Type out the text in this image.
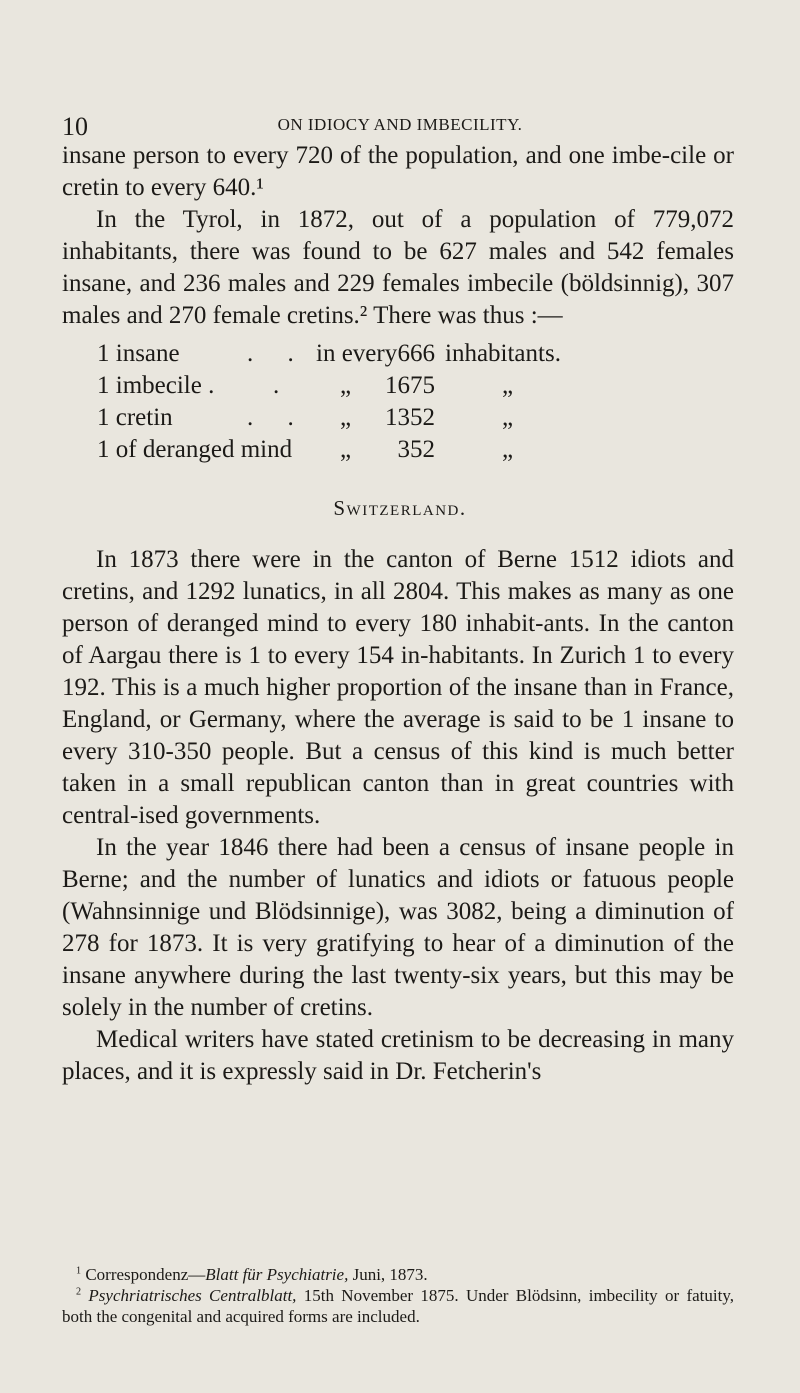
10	ON IDIOCY AND IMBECILITY.

insane person to every 720 of the population, and one imbe-cile or cretin to every 640.¹

In the Tyrol, in 1872, out of a population of 779,072 inhabitants, there was found to be 627 males and 542 females insane, and 236 males and 229 females imbecile (böldsinnig), 307 males and 270 female cretins.² There was thus :—

1 insane	. . in every 666 inhabitants.
1 imbecile . . „ 1675	„
1 cretin	. . „ 1352	„
1 of deranged mind „ 352	„
Switzerland.

In 1873 there were in the canton of Berne 1512 idiots and cretins, and 1292 lunatics, in all 2804. This makes as many as one person of deranged mind to every 180 inhabit-ants. In the canton of Aargau there is 1 to every 154 in-habitants. In Zurich 1 to every 192. This is a much higher proportion of the insane than in France, England, or Germany, where the average is said to be 1 insane to every 310-350 people. But a census of this kind is much better taken in a small republican canton than in great countries with central-ised governments.

In the year 1846 there had been a census of insane people in Berne; and the number of lunatics and idiots or fatuous people (Wahnsinnige und Blödsinnige), was 3082, being a diminution of 278 for 1873. It is very gratifying to hear of a diminution of the insane anywhere during the last twenty-six years, but this may be solely in the number of cretins.

Medical writers have stated cretinism to be decreasing in many places, and it is expressly said in Dr. Fetcherin's

$^1$ Correspondenz—Blatt für Psychiatrie, Juni, 1873.

$^2$ Psychriatrisches Centralblatt, 15th November 1875. Under Blödsinn, imbecility or fatuity, both the congenital and acquired forms are included.
